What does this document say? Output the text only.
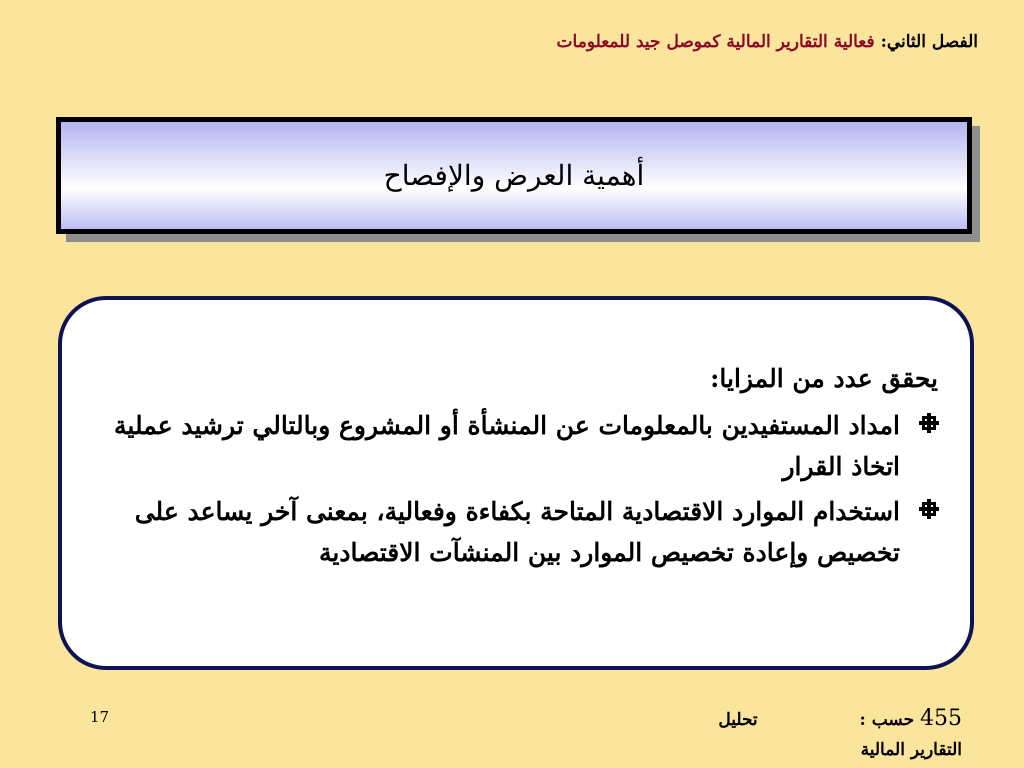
الفصل الثاني: فعالية التقارير المالية كموصل جيد للمعلومات
أهمية العرض والإفصاح

يحقق عدد من المزايا:

امداد المستفيدين بالمعلومات عن المنشأة أو المشروع وبالتالي ترشيد عملية اتخاذ القرار
استخدام الموارد الاقتصادية المتاحة بكفاءة وفعالية، بمعنى آخر يساعد على تخصيص وإعادة تخصيص الموارد بين المنشآت الاقتصادية
17	455 حسب :  تحليل
التقارير المالية
